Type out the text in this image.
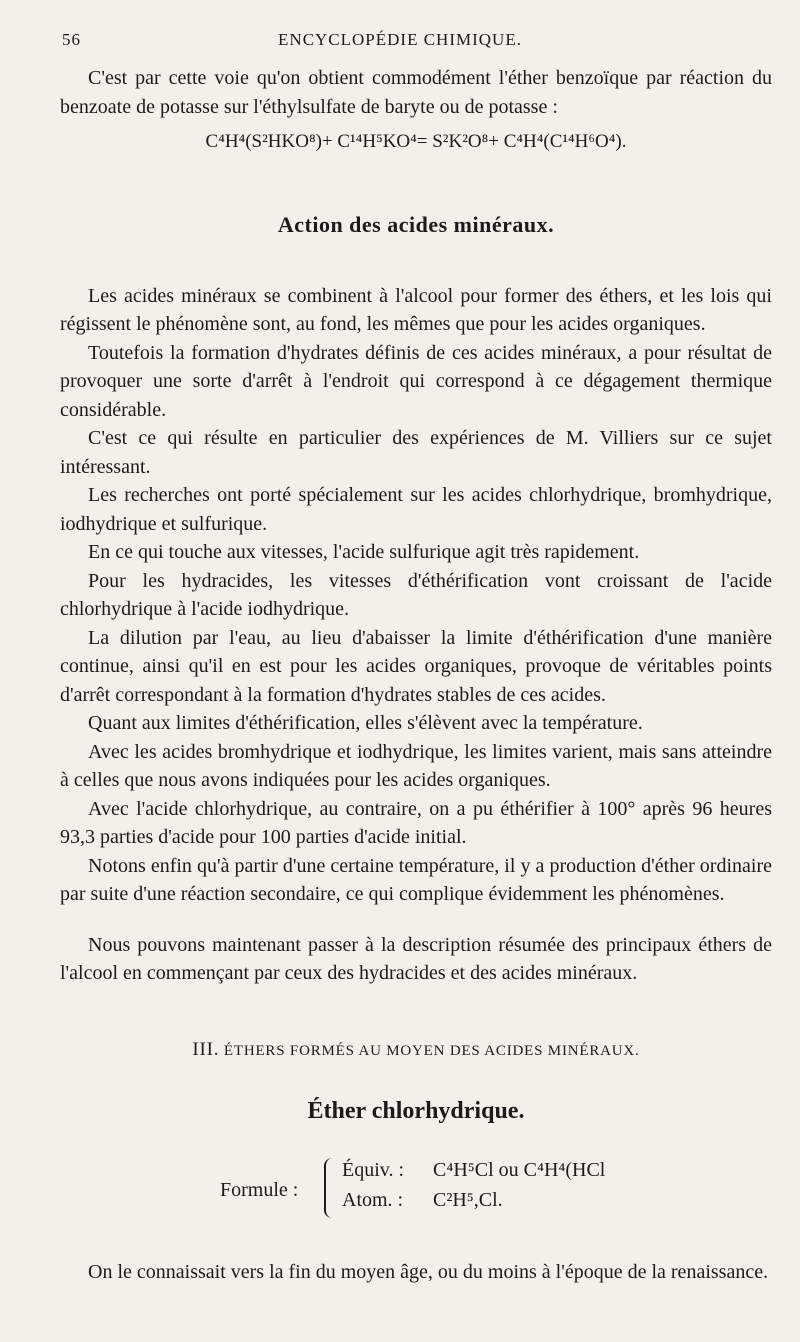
56	ENCYCLOPÉDIE CHIMIQUE.

C'est par cette voie qu'on obtient commodément l'éther benzoïque par réaction du benzoate de potasse sur l'éthylsulfate de baryte ou de potasse :

C⁴H⁴(S²HKO⁸)+ C¹⁴H⁵KO⁴= S²K²O⁸+ C⁴H⁴(C¹⁴H⁶O⁴).
Action des acides minéraux.

Les acides minéraux se combinent à l'alcool pour former des éthers, et les lois qui régissent le phénomène sont, au fond, les mêmes que pour les acides organiques.

Toutefois la formation d'hydrates définis de ces acides minéraux, a pour résultat de provoquer une sorte d'arrêt à l'endroit qui correspond à ce dégagement thermique considérable.

C'est ce qui résulte en particulier des expériences de M. Villiers sur ce sujet intéressant.

Les recherches ont porté spécialement sur les acides chlorhydrique, bromhydrique, iodhydrique et sulfurique.

En ce qui touche aux vitesses, l'acide sulfurique agit très rapidement.

Pour les hydracides, les vitesses d'éthérification vont croissant de l'acide chlorhydrique à l'acide iodhydrique.

La dilution par l'eau, au lieu d'abaisser la limite d'éthérification d'une manière continue, ainsi qu'il en est pour les acides organiques, provoque de véritables points d'arrêt correspondant à la formation d'hydrates stables de ces acides.

Quant aux limites d'éthérification, elles s'élèvent avec la température.

Avec les acides bromhydrique et iodhydrique, les limites varient, mais sans atteindre à celles que nous avons indiquées pour les acides organiques.

Avec l'acide chlorhydrique, au contraire, on a pu éthérifier à 100° après 96 heures 93,3 parties d'acide pour 100 parties d'acide initial.

Notons enfin qu'à partir d'une certaine température, il y a production d'éther ordinaire par suite d'une réaction secondaire, ce qui complique évidemment les phénomènes.

Nous pouvons maintenant passer à la description résumée des principaux éthers de l'alcool en commençant par ceux des hydracides et des acides minéraux.

III. ÉTHERS FORMÉS AU MOYEN DES ACIDES MINÉRAUX.
Éther chlorhydrique.
Formule :
Équiv. : C⁴H⁵Cl ou C⁴H⁴(HCl
Atom. : C²H⁵,Cl.

On le connaissait vers la fin du moyen âge, ou du moins à l'époque de la renaissance.
